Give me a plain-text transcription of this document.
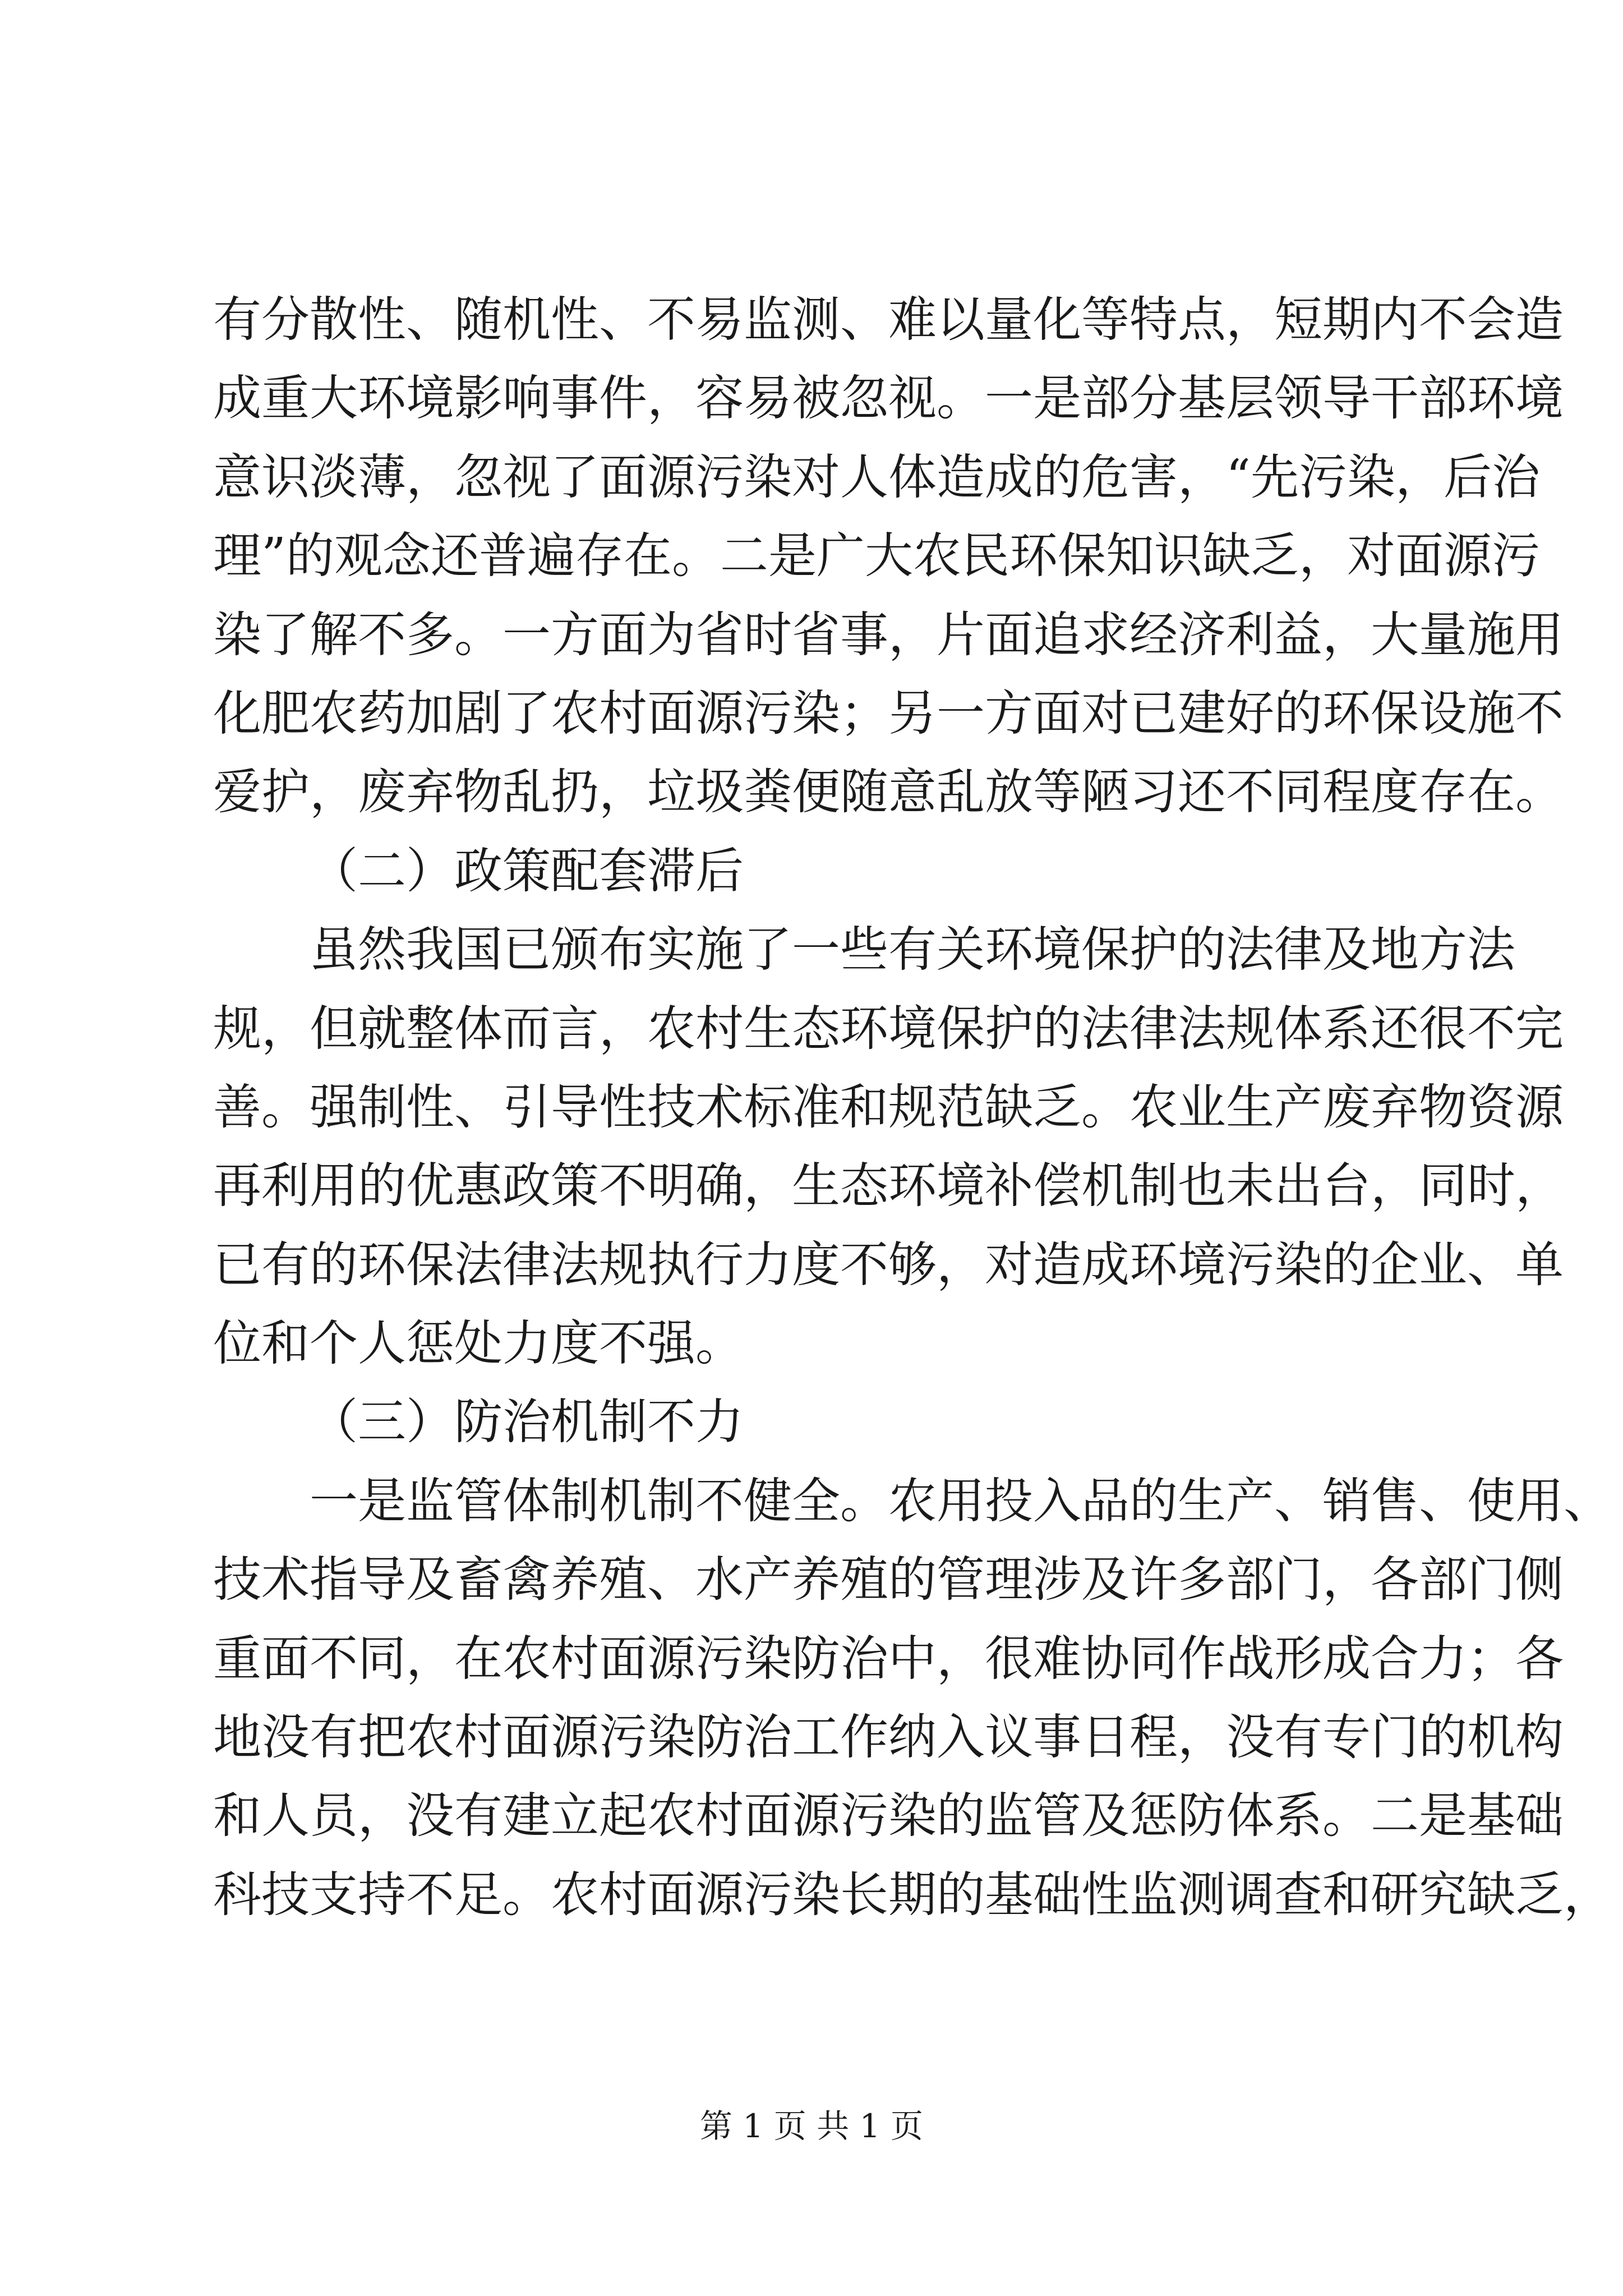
有分散性、随机性、不易监测、难以量化等特点，短期内不会造
成重大环境影响事件，容易被忽视。一是部分基层领导干部环境
意识淡薄，忽视了面源污染对人体造成的危害，“先污染，后治
理”的观念还普遍存在。二是广大农民环保知识缺乏，对面源污
染了解不多。一方面为省时省事，片面追求经济利益，大量施用
化肥农药加剧了农村面源污染；另一方面对已建好的环保设施不
爱护，废弃物乱扔，垃圾粪便随意乱放等陋习还不同程度存在。
（二）政策配套滞后
虽然我国已颁布实施了一些有关环境保护的法律及地方法
规，但就整体而言，农村生态环境保护的法律法规体系还很不完
善。强制性、引导性技术标准和规范缺乏。农业生产废弃物资源
再利用的优惠政策不明确，生态环境补偿机制也未出台，同时，
已有的环保法律法规执行力度不够，对造成环境污染的企业、单
位和个人惩处力度不强。
（三）防治机制不力
一是监管体制机制不健全。农用投入品的生产、销售、使用、
技术指导及畜禽养殖、水产养殖的管理涉及许多部门，各部门侧
重面不同，在农村面源污染防治中，很难协同作战形成合力；各
地没有把农村面源污染防治工作纳入议事日程，没有专门的机构
和人员，没有建立起农村面源污染的监管及惩防体系。二是基础
科技支持不足。农村面源污染长期的基础性监测调查和研究缺乏，
第 1 页 共 1 页
